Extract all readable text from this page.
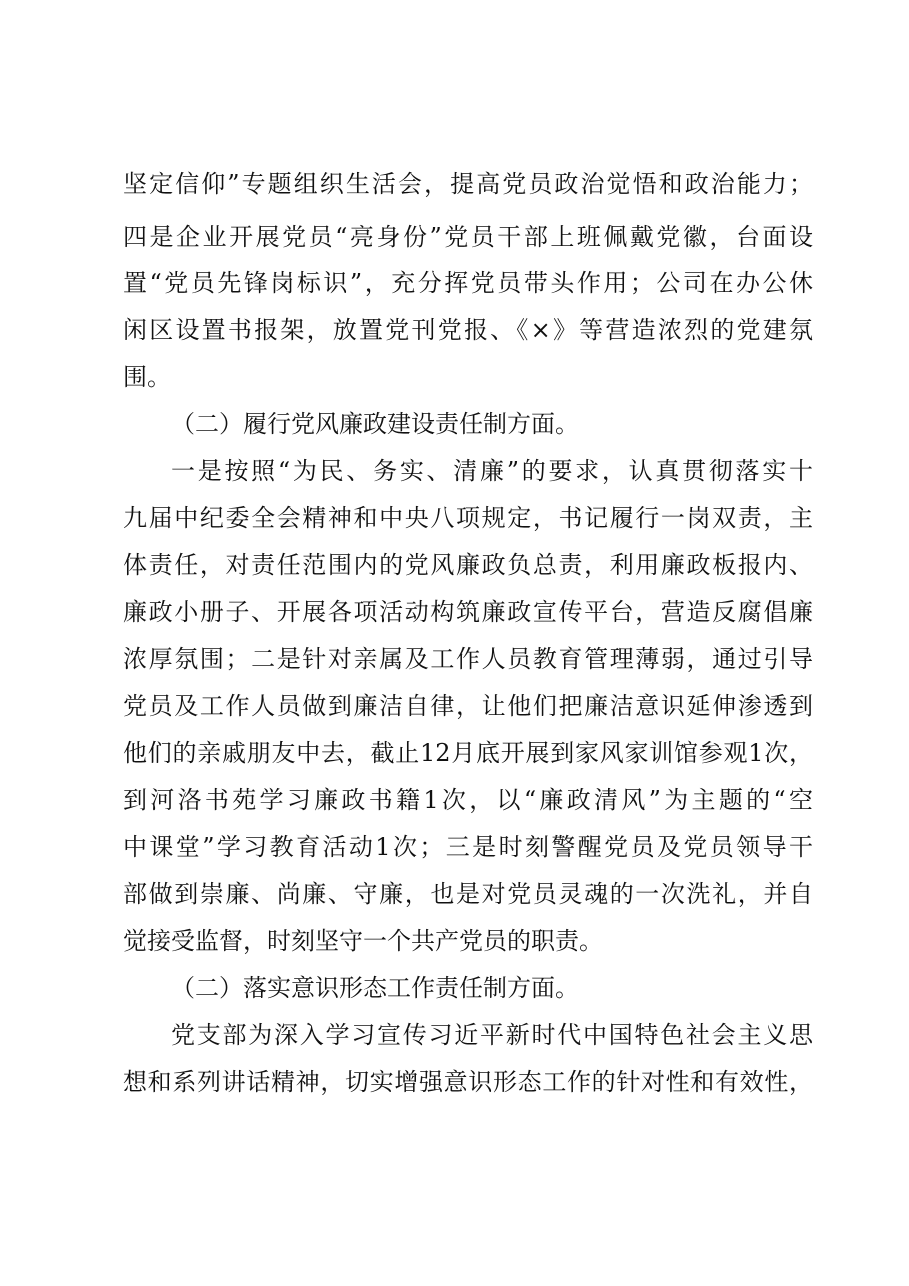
坚定信仰”专题组织生活会，提高党员政治觉悟和政治能力；
四是企业开展党员“亮身份”党员干部上班佩戴党徽，台面设
置“党员先锋岗标识”，充分挥党员带头作用；公司在办公休
闲区设置书报架，放置党刊党报、《×》等营造浓烈的党建氛
围。
（二）履行党风廉政建设责任制方面。
一是按照“为民、务实、清廉”的要求，认真贯彻落实十
九届中纪委全会精神和中央八项规定，书记履行一岗双责，主
体责任，对责任范围内的党风廉政负总责，利用廉政板报内、
廉政小册子、开展各项活动构筑廉政宣传平台，营造反腐倡廉
浓厚氛围；二是针对亲属及工作人员教育管理薄弱，通过引导
党员及工作人员做到廉洁自律，让他们把廉洁意识延伸渗透到
他们的亲戚朋友中去，截止12月底开展到家风家训馆参观1次，
到河洛书苑学习廉政书籍1次，以“廉政清风”为主题的“空
中课堂”学习教育活动1次；三是时刻警醒党员及党员领导干
部做到崇廉、尚廉、守廉，也是对党员灵魂的一次洗礼，并自
觉接受监督，时刻坚守一个共产党员的职责。
（二）落实意识形态工作责任制方面。
党支部为深入学习宣传习近平新时代中国特色社会主义思
想和系列讲话精神，切实增强意识形态工作的针对性和有效性，
